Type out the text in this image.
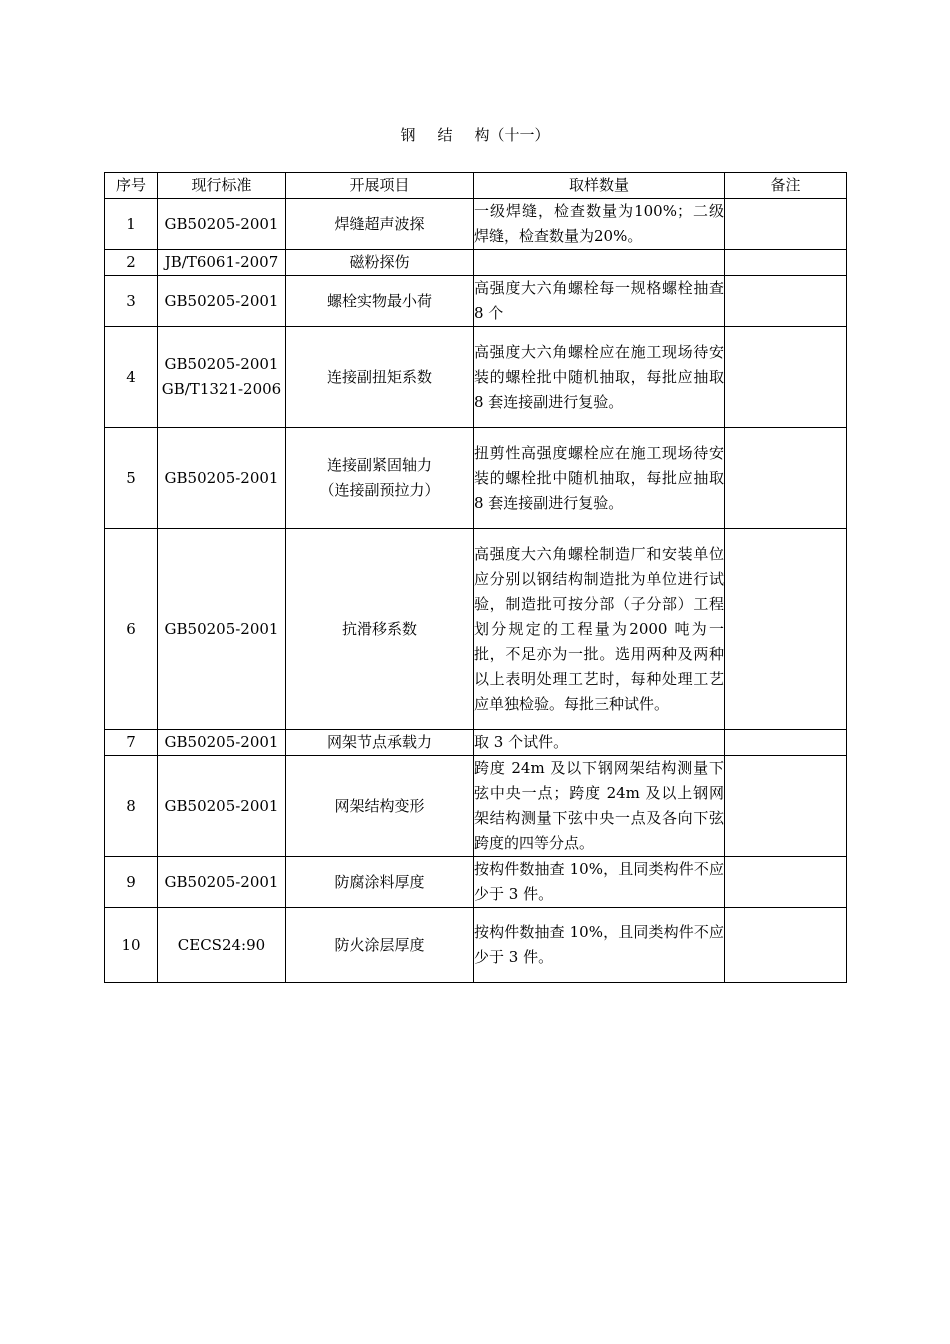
钢 结 构（十一）
序号	现行标准	开展项目	取样数量	备注
1	GB50205-2001	焊缝超声波探	一级焊缝，检查数量为100%；二级焊缝，检查数量为20%。	
2	JB/T6061-2007	磁粉探伤		

3	GB50205-2001	螺栓实物最小荷	高强度大六角螺栓每一规格螺栓抽查 8 个	
4	GB50205-2001
GB/T1321-2006	连接副扭矩系数	高强度大六角螺栓应在施工现场待安装的螺栓批中随机抽取，每批应抽取 8 套连接副进行复验。	
5	GB50205-2001	连接副紧固轴力
（连接副预拉力）	扭剪性高强度螺栓应在施工现场待安装的螺栓批中随机抽取，每批应抽取 8 套连接副进行复验。	
6	GB50205-2001	抗滑移系数	高强度大六角螺栓制造厂和安装单位应分别以钢结构制造批为单位进行试验，制造批可按分部（子分部）工程划分规定的工程量为2000 吨为一批，不足亦为一批。选用两种及两种以上表明处理工艺时，每种处理工艺应单独检验。每批三种试件。	
7	GB50205-2001	网架节点承载力	取 3 个试件。	
8	GB50205-2001	网架结构变形	跨度 24m 及以下钢网架结构测量下弦中央一点；跨度 24m 及以上钢网架结构测量下弦中央一点及各向下弦跨度的四等分点。	
9	GB50205-2001	防腐涂料厚度	按构件数抽查 10%，且同类构件不应少于 3 件。	
10	CECS24:90	防火涂层厚度	按构件数抽查 10%，且同类构件不应少于 3 件。	
